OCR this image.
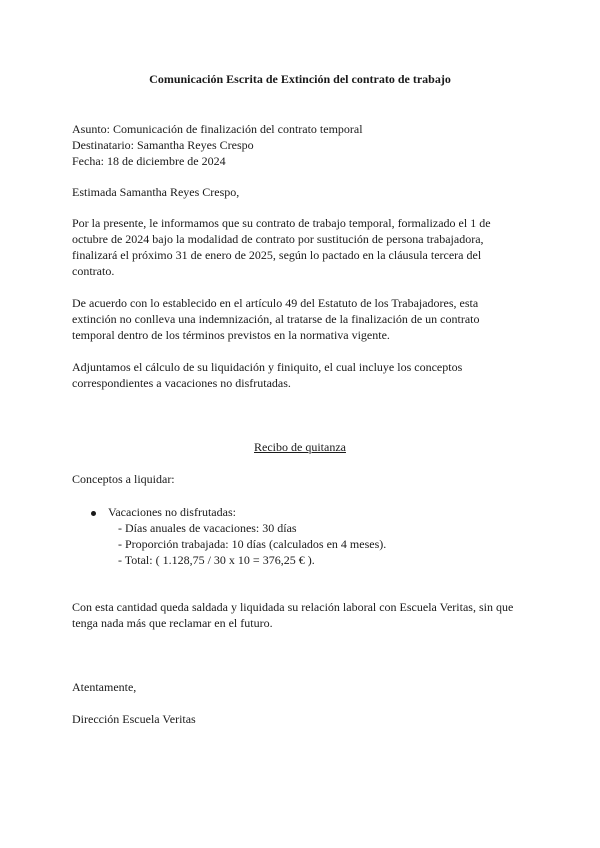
Comunicación Escrita de Extinción del contrato de trabajo

Asunto: Comunicación de finalización del contrato temporal

Destinatario: Samantha Reyes Crespo

Fecha: 18 de diciembre de 2024

Estimada Samantha Reyes Crespo,

Por la presente, le informamos que su contrato de trabajo temporal, formalizado el 1 de

octubre de 2024 bajo la modalidad de contrato por sustitución de persona trabajadora,

finalizará el próximo 31 de enero de 2025, según lo pactado en la cláusula tercera del

contrato.

De acuerdo con lo establecido en el artículo 49 del Estatuto de los Trabajadores, esta

extinción no conlleva una indemnización, al tratarse de la finalización de un contrato

temporal dentro de los términos previstos en la normativa vigente.

Adjuntamos el cálculo de su liquidación y finiquito, el cual incluye los conceptos

correspondientes a vacaciones no disfrutadas.

Recibo de quitanza

Conceptos a liquidar:

Vacaciones no disfrutadas:

- Días anuales de vacaciones: 30 días

- Proporción trabajada: 10 días (calculados en 4 meses).

- Total: ( 1.128,75 / 30 x 10 = 376,25 € ).

Con esta cantidad queda saldada y liquidada su relación laboral con Escuela Veritas, sin que

tenga nada más que reclamar en el futuro.

Atentamente,

Dirección Escuela Veritas
